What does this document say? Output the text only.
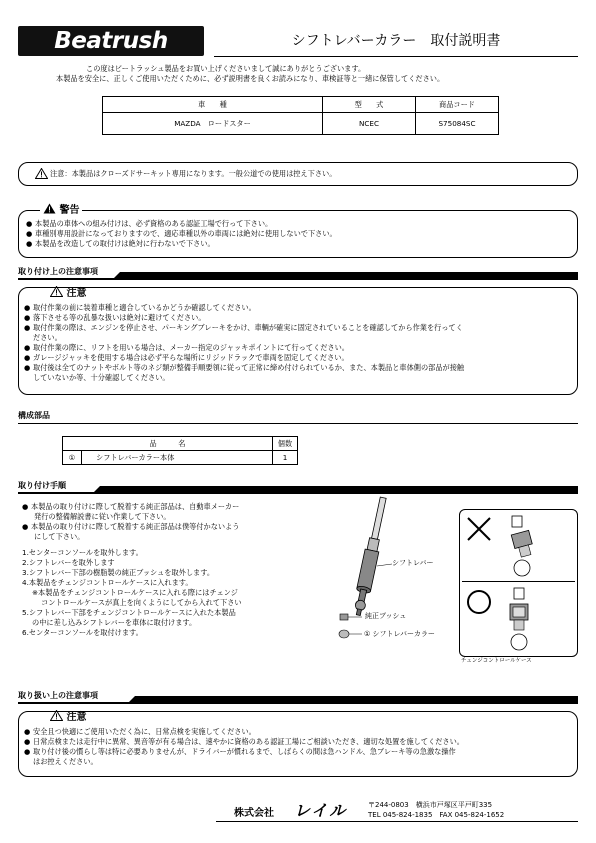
Beatrush	シフトレバーカラー　取付説明書
この度はビートラッシュ製品をお買い上げくださいまして誠にありがとうございます。
本製品を安全に、正しくご使用いただくために、必ず説明書を良くお読みになり、車検証等と一緒に保管してください。
車　　種	型　　式	商品コード
MAZDA　ロードスター	NCEC	S75084SC
注意：本製品はクローズドサーキット専用になります。一般公道での使用は控え下さい。
警告

● 本製品の車体への組み付けは、必ず資格のある認証工場で行って下さい。

● 車種別専用設計になっておりますので、適応車種以外の車両には絶対に使用しないで下さい。

● 本製品を改造しての取付けは絶対に行わないで下さい。

取り付け上の注意事項
注意

● 取付作業の前に装着車種と適合しているかどうか確認してください。

● 落下させる等の乱暴な扱いは絶対に避けてください。

● 取付作業の際は、エンジンを停止させ、パーキングブレーキをかけ、車輌が確実に固定されていることを確認してから作業を行ってく

ださい。

● 取付作業の際に、リフトを用いる場合は、メーカー指定のジャッキポイントにて行ってください。

● ガレージジャッキを使用する場合は必ず平らな場所にリジッドラックで車両を固定してください。

● 取付後は全てのナットやボルト等のネジ類が整備手順要領に従って正常に締め付けられているか、また、本製品と車体側の部品が接触

していないか等、十分確認してください。

構成部品
品　　　名		個数
①	シフトレバーカラー本体	1
取り付け手順

● 本製品の取り付けに際して脱着する純正部品は、自動車メーカー

発行の整備解説書に従い作業して下さい。

● 本製品の取り付けに際して脱着する純正部品は僕等付かないよう

にして下さい。

1.センターコンソールを取外します。
2.シフトレバーを取外します
3.シフトレバー下部の樹脂製の純正ブッシュを取外します。
4.本製品をチェンジコントロールケースに入れます。
※本製品をチェンジコントロールケースに入れる際にはチェンジ
コントロールケースが真上を向くようにしてから入れて下さい
5.シフトレバー下部をチェンジコントロールケースに入れた本製品
の中に差し込みシフトレバーを車体に取付けます。
6.センターコンソールを取付けます。
シフトレバー
純正ブッシュ
① シフトレバーカラー
チェンジコントロールケース
取り扱い上の注意事項
注意

● 安全且つ快適にご使用いただく為に、日常点検を実施してください。

● 日常点検または走行中に異常、異音等が有る場合は、速やかに資格のある認証工場にご相談いただき、適切な処置を施してください。

● 取り付け後の慣らし等は特に必要ありませんが、ドライバーが慣れるまで、しばらくの間は急ハンドル、急ブレーキ等の急激な操作

はお控えください。

株式会社 レイル	〒244-0803　横浜市戸塚区平戸町335
TEL 045-824-1835　FAX 045-824-1652
